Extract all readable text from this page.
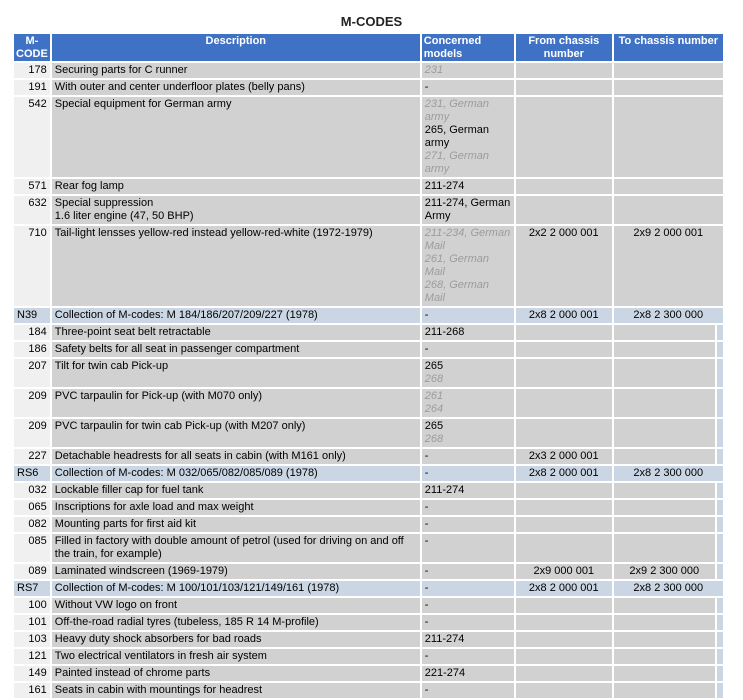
M-CODES
M-CODE	Description	Concerned models	From chassis number	To chassis number	
178	Securing parts for C runner	231			

191	With outer and center underfloor plates (belly pans)	-			

542	Special equipment for German army	231, German army
265, German army
271, German army			

571	Rear fog lamp	211-274			

632	Special suppression
1.6 liter engine (47, 50 BHP)	211-274, German Army			

710	Tail-light lensses yellow-red instead yellow-red-white (1972-1979)	211-234, German Mail
261, German Mail
268, German Mail	2x2 2 000 001	2x9 2 000 001	
N39	Collection of M-codes: M 184/186/207/209/227 (1978)	-	2x8 2 000 001	2x8 2 300 000	
184	Three-point seat belt retractable	211-268			

186	Safety belts for all seat in passenger compartment	-			

207	Tilt for twin cab Pick-up	265
268			

209	PVC tarpaulin for Pick-up (with M070 only)	261
264			

209	PVC tarpaulin for twin cab Pick-up (with M207 only)	265
268			

227	Detachable headrests for all seats in cabin (with M161 only)	-	2x3 2 000 001		
RS6	Collection of M-codes: M 032/065/082/085/089 (1978)	-	2x8 2 000 001	2x8 2 300 000	
032	Lockable filler cap for fuel tank	211-274			

065	Inscriptions for axle load and max weight	-			

082	Mounting parts for first aid kit	-			

085	Filled in factory with double amount of petrol (used for driving on and off the train, for example)	-			

089	Laminated windscreen (1969-1979)	-	2x9 000 001	2x9 2 300 000	
RS7	Collection of M-codes: M 100/101/103/121/149/161 (1978)	-	2x8 2 000 001	2x8 2 300 000	
100	Without VW logo on front	-			

101	Off-the-road radial tyres (tubeless, 185 R 14 M-profile)	-			

103	Heavy duty shock absorbers for bad roads	211-274			

121	Two electrical ventilators in fresh air system	-			

149	Painted instead of chrome parts	221-274			

161	Seats in cabin with mountings for headrest	-			
